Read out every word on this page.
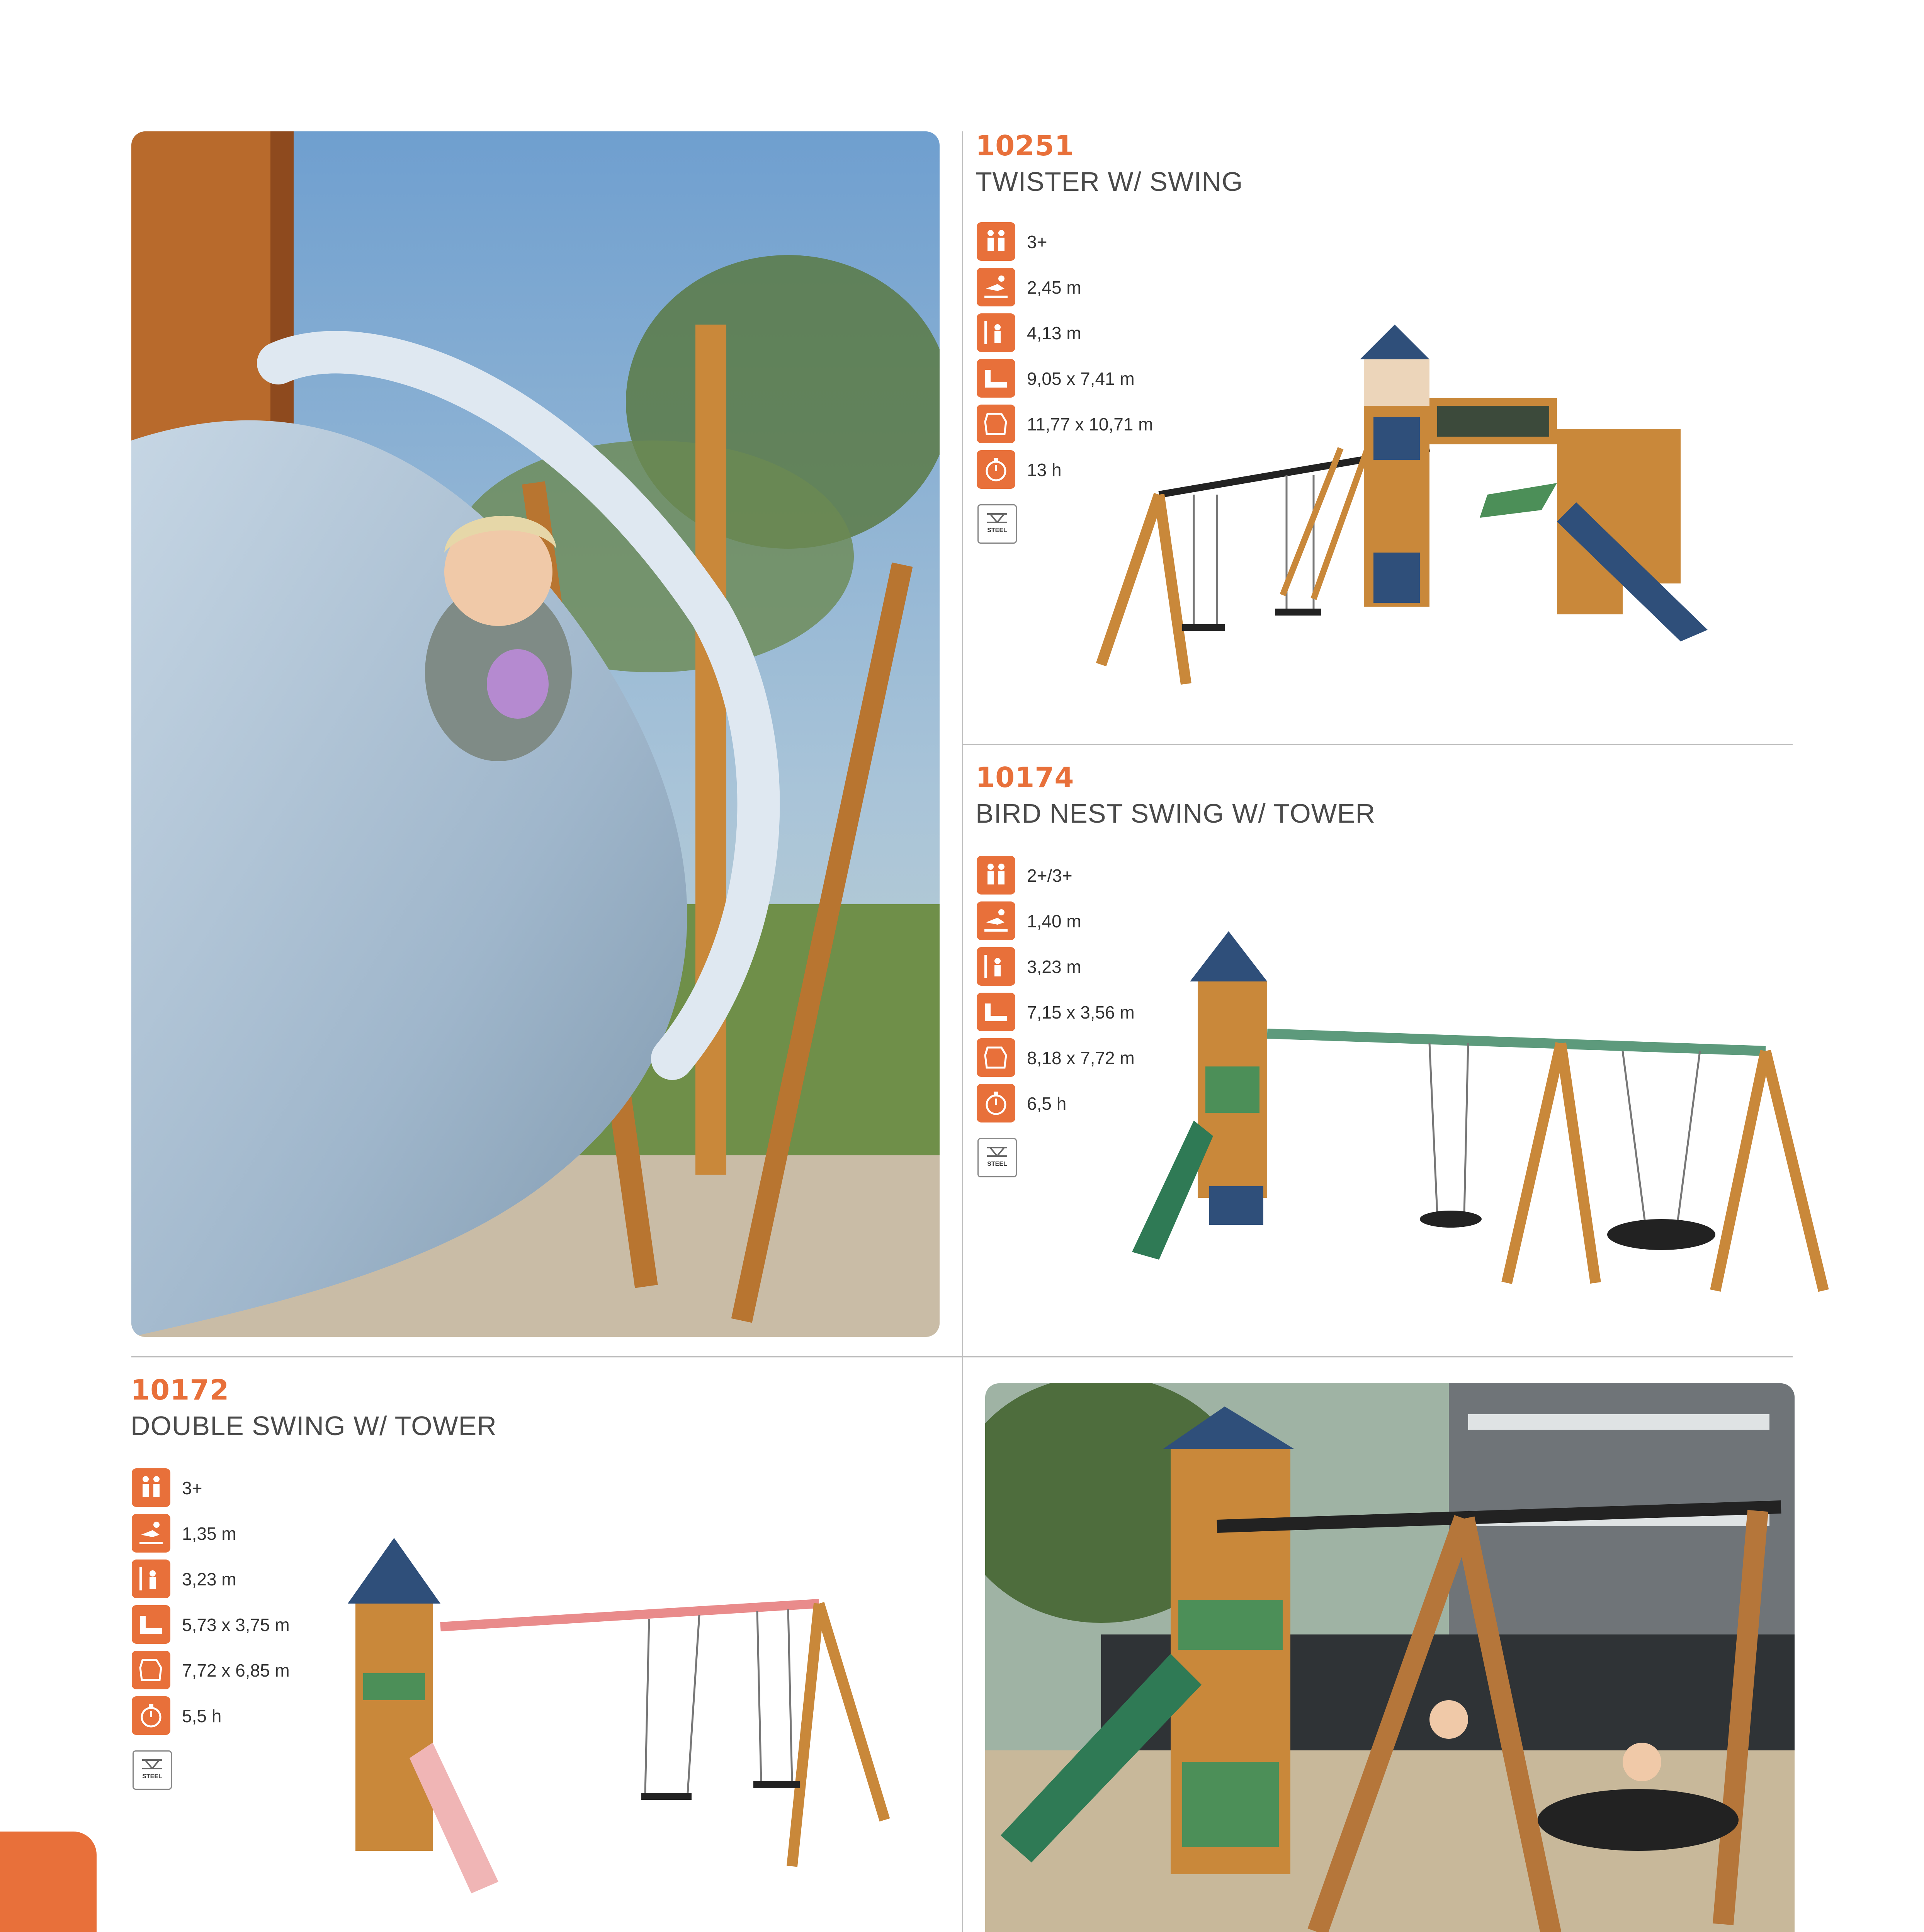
10251
TWISTER W/ SWING
3+
2,45 m
4,13 m
9,05 x 7,41 m
11,77 x 10,71 m
13 h
STEEL
10174
BIRD NEST SWING W/ TOWER
2+/3+
1,40 m
3,23 m
7,15 x 3,56 m
8,18 x 7,72 m
6,5 h
STEEL
10172
DOUBLE SWING W/ TOWER
3+
1,35 m
3,23 m
5,73 x 3,75 m
7,72 x 6,85 m
5,5 h
STEEL
